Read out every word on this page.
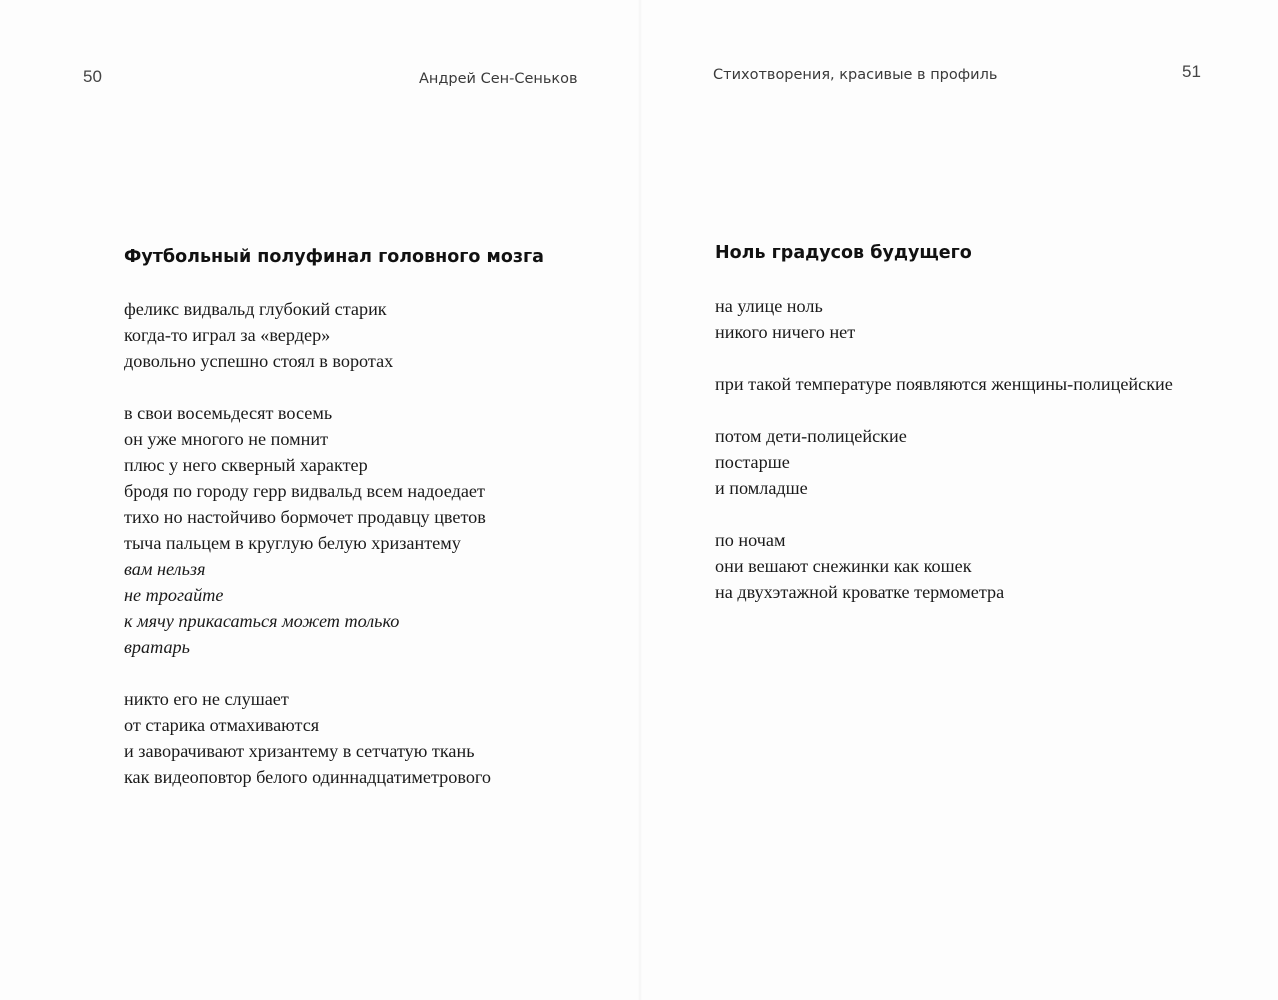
50	Андрей Сен-Сеньков
Футбольный полуфинал головного мозга
феликс видвальд глубокий старик
когда-то играл за «вердер»
довольно успешно стоял в воротах
в свои восемьдесят восемь
он уже многого не помнит
плюс у него скверный характер
бродя по городу герр видвальд всем надоедает
тихо но настойчиво бормочет продавцу цветов
тыча пальцем в круглую белую хризантему
вам нельзя
не трогайте
к мячу прикасаться может только
вратарь
никто его не слушает
от старика отмахиваются
и заворачивают хризантему в сетчатую ткань
как видеоповтор белого одиннадцатиметрового
Стихотворения, красивые в профиль	51
Ноль градусов будущего
на улице ноль
никого ничего нет
при такой температуре появляются женщины-полицейские
потом дети-полицейские
постарше
и помладше
по ночам
они вешают снежинки как кошек
на двухэтажной кроватке термометра
